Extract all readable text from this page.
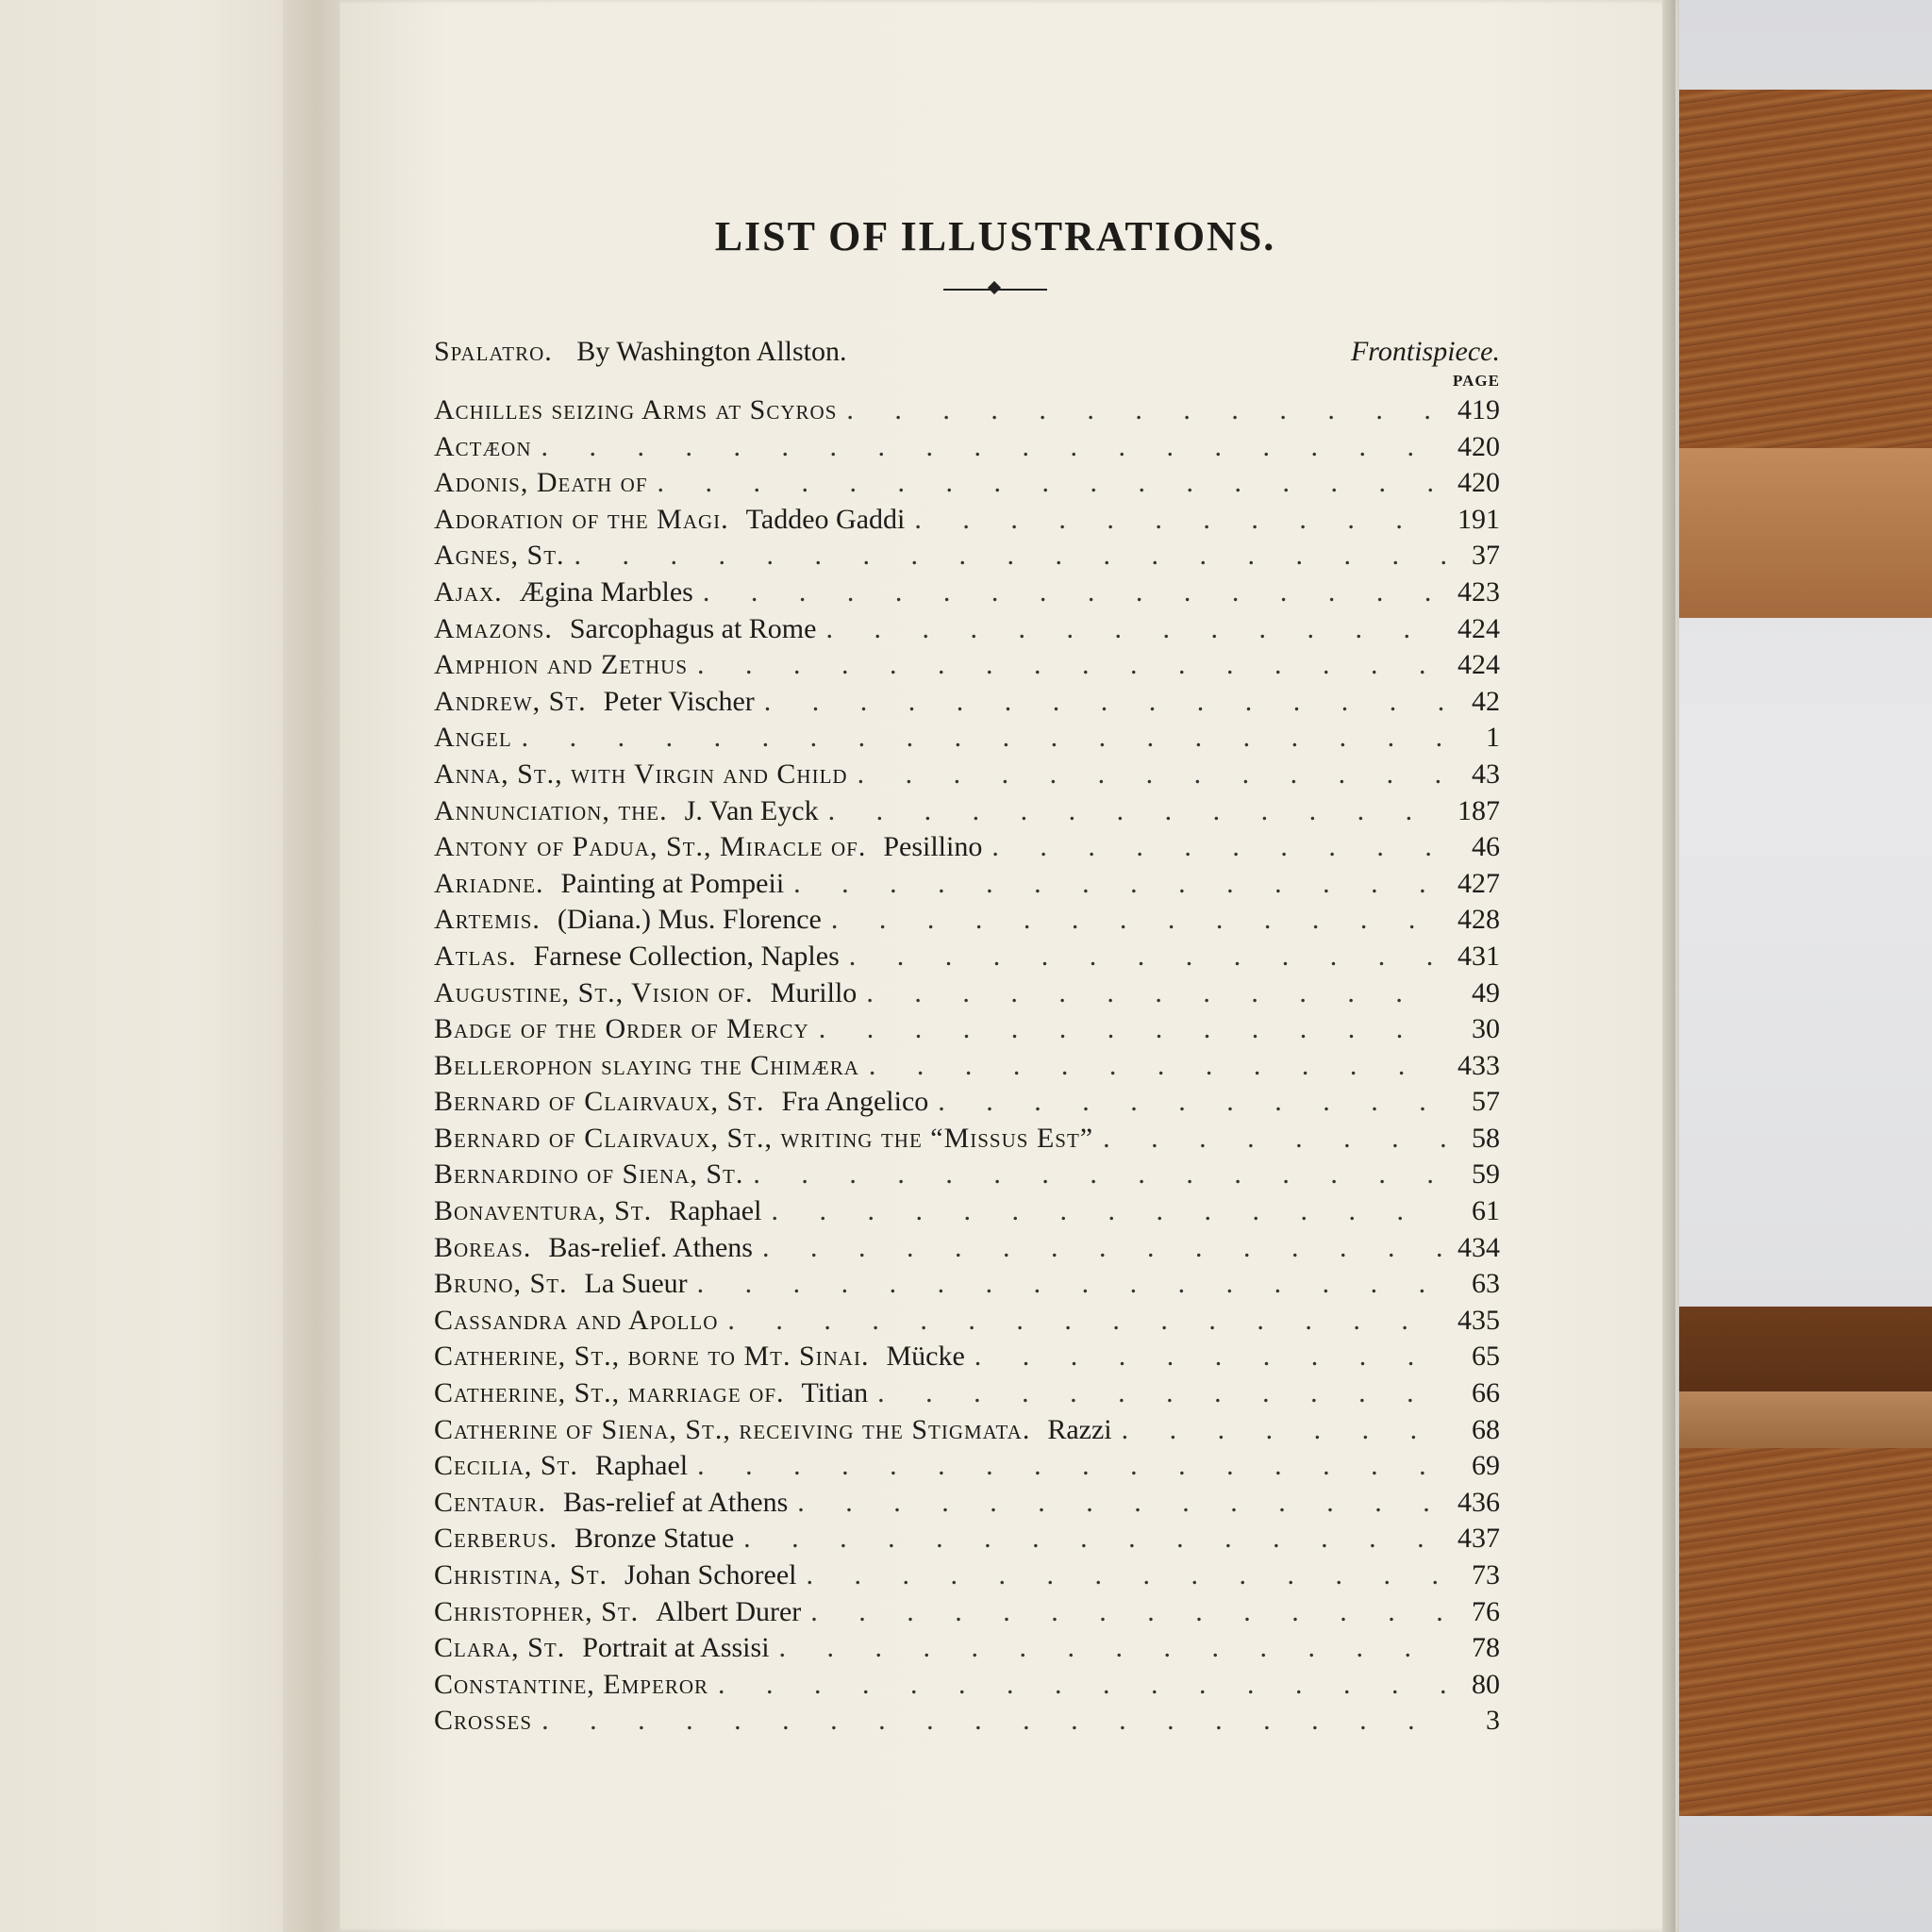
LIST OF ILLUSTRATIONS.
Spalatro. By Washington Allston.	Frontispiece.
PAGE
Achilles seizing Arms at Scyros . . .	419
Actæon . . .	420
Adonis, Death of . . .	420
Adoration of the Magi. Taddeo Gaddi . . .	191
Agnes, St. . . .	37
Ajax. Ægina Marbles . . .	423
Amazons. Sarcophagus at Rome . . .	424
Amphion and Zethus . . .	424
Andrew, St. Peter Vischer . . .	42
Angel . . .	1
Anna, St., with Virgin and Child . . .	43
Annunciation, the. J. Van Eyck . . .	187
Antony of Padua, St., Miracle of. Pesillino . . .	46
Ariadne. Painting at Pompeii . . .	427
Artemis. (Diana.) Mus. Florence . . .	428
Atlas. Farnese Collection, Naples . . .	431
Augustine, St., Vision of. Murillo . . .	49
Badge of the Order of Mercy . . .	30
Bellerophon slaying the Chimæra . . .	433
Bernard of Clairvaux, St. Fra Angelico . . .	57
Bernard of Clairvaux, St., writing the “Missus Est” . . .	58
Bernardino of Siena, St. . . .	59
Bonaventura, St. Raphael . . .	61
Boreas. Bas-relief. Athens . . .	434
Bruno, St. La Sueur . . .	63
Cassandra and Apollo . . .	435
Catherine, St., borne to Mt. Sinai. Mücke . . .	65
Catherine, St., marriage of. Titian . . .	66
Catherine of Siena, St., receiving the Stigmata. Razzi . . .	68
Cecilia, St. Raphael . . .	69
Centaur. Bas-relief at Athens . . .	436
Cerberus. Bronze Statue . . .	437
Christina, St. Johan Schoreel . . .	73
Christopher, St. Albert Durer . . .	76
Clara, St. Portrait at Assisi . . .	78
Constantine, Emperor . . .	80
Crosses . . .	3
